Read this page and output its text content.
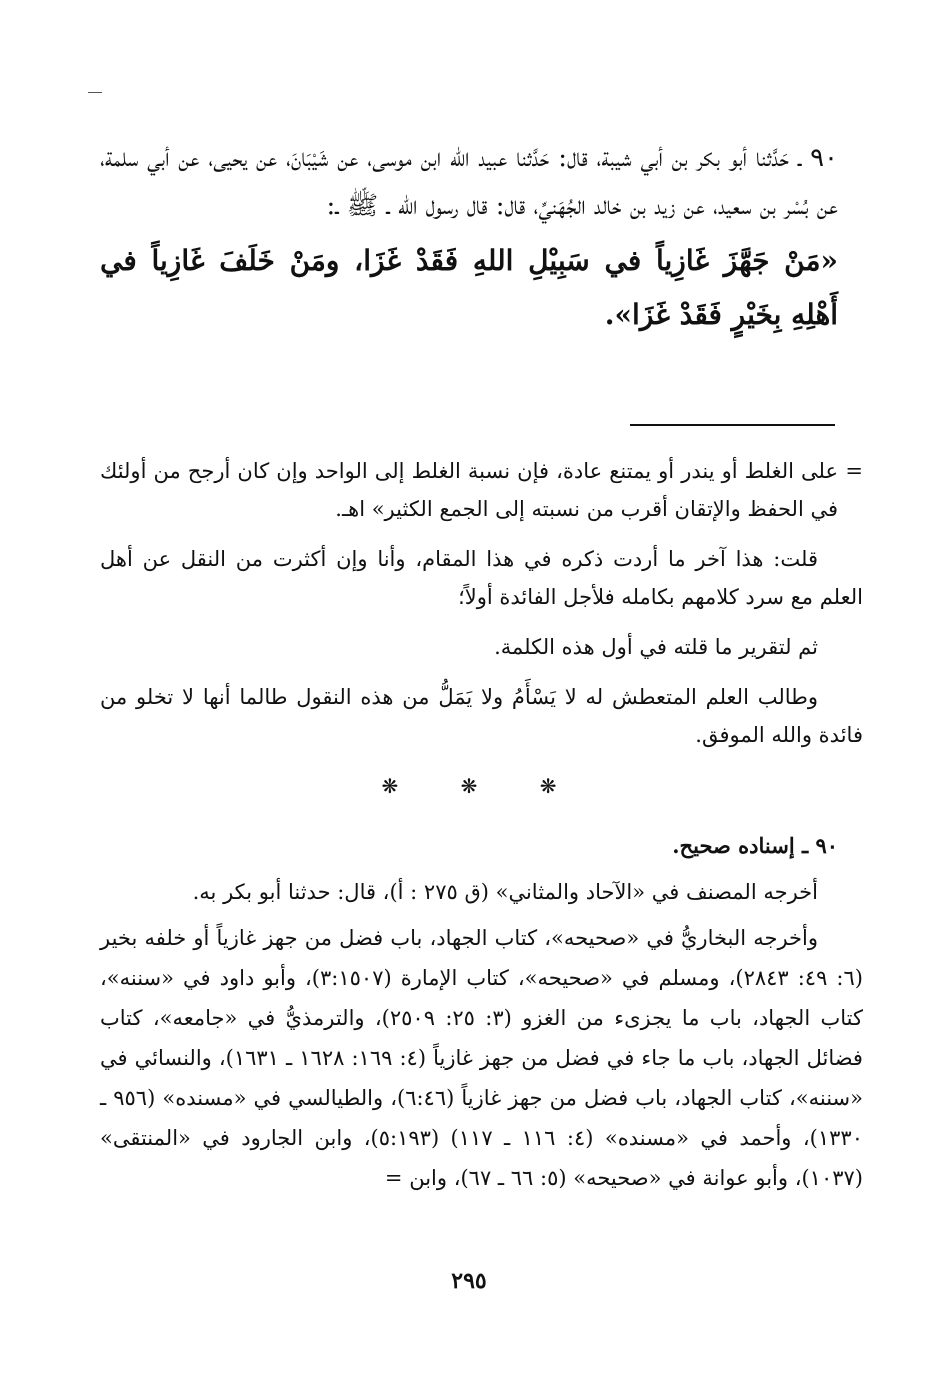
٩٠ ـ حَدَّثنا أبو بكر بن أبي شيبة، قال: حَدَّثنا عبيد الله ابن موسى، عن شَيْبَانَ، عن يحيى، عن أبي سلمة، عن بُسْر بن سعيد، عن زيد بن خالد الجُهَنيِّ، قال: قال رسول الله ـ ﷺ ـ:

«مَنْ جَهَّزَ غَازِياً في سَبِيْلِ اللهِ فَقَدْ غَزَا، ومَنْ خَلَفَ غَازِياً في أَهْلِهِ بِخَيْرٍ فَقَدْ غَزَا».

=
على الغلط أو يندر أو يمتنع عادة، فإن نسبة الغلط إلى الواحد وإن كان أرجح من أولئك في الحفظ والإتقان أقرب من نسبته إلى الجمع الكثير» اهـ.

قلت: هذا آخر ما أردت ذكره في هذا المقام، وأنا وإن أكثرت من النقل عن أهل العلم مع سرد كلامهم بكامله فلأجل الفائدة أولاً؛

ثم لتقرير ما قلته في أول هذه الكلمة.

وطالب العلم المتعطش له لا يَسْأَمُ ولا يَمَلُّ من هذه النقول طالما أنها لا تخلو من فائدة والله الموفق.

❋	❋	❋

٩٠ ـ إسناده صحيح.

أخرجه المصنف في «الآحاد والمثاني» (ق ٢٧٥ : أ)، قال: حدثنا أبو بكر به.

وأخرجه البخاريُّ في «صحيحه»، كتاب الجهاد، باب فضل من جهز غازياً أو خلفه بخير (٦: ٤٩: ٢٨٤٣)، ومسلم في «صحيحه»، كتاب الإمارة (٣:١٥٠٧)، وأبو داود في «سننه»، كتاب الجهاد، باب ما يجزىء من الغزو (٣: ٢٥: ٢٥٠٩)، والترمذيُّ في «جامعه»، كتاب فضائل الجهاد، باب ما جاء في فضل من جهز غازياً (٤: ١٦٩: ١٦٢٨ ـ ١٦٣١)، والنسائي في «سننه»، كتاب الجهاد، باب فضل من جهز غازياً (٦:٤٦)، والطيالسي في «مسنده» (٩٥٦ ـ ١٣٣٠)، وأحمد في «مسنده» (٤: ١١٦ ـ ١١٧) (٥:١٩٣)، وابن الجارود في «المنتقى» (١٠٣٧)، وأبو عوانة في «صحيحه» (٥: ٦٦ ـ ٦٧)، وابن =

٢٩٥
